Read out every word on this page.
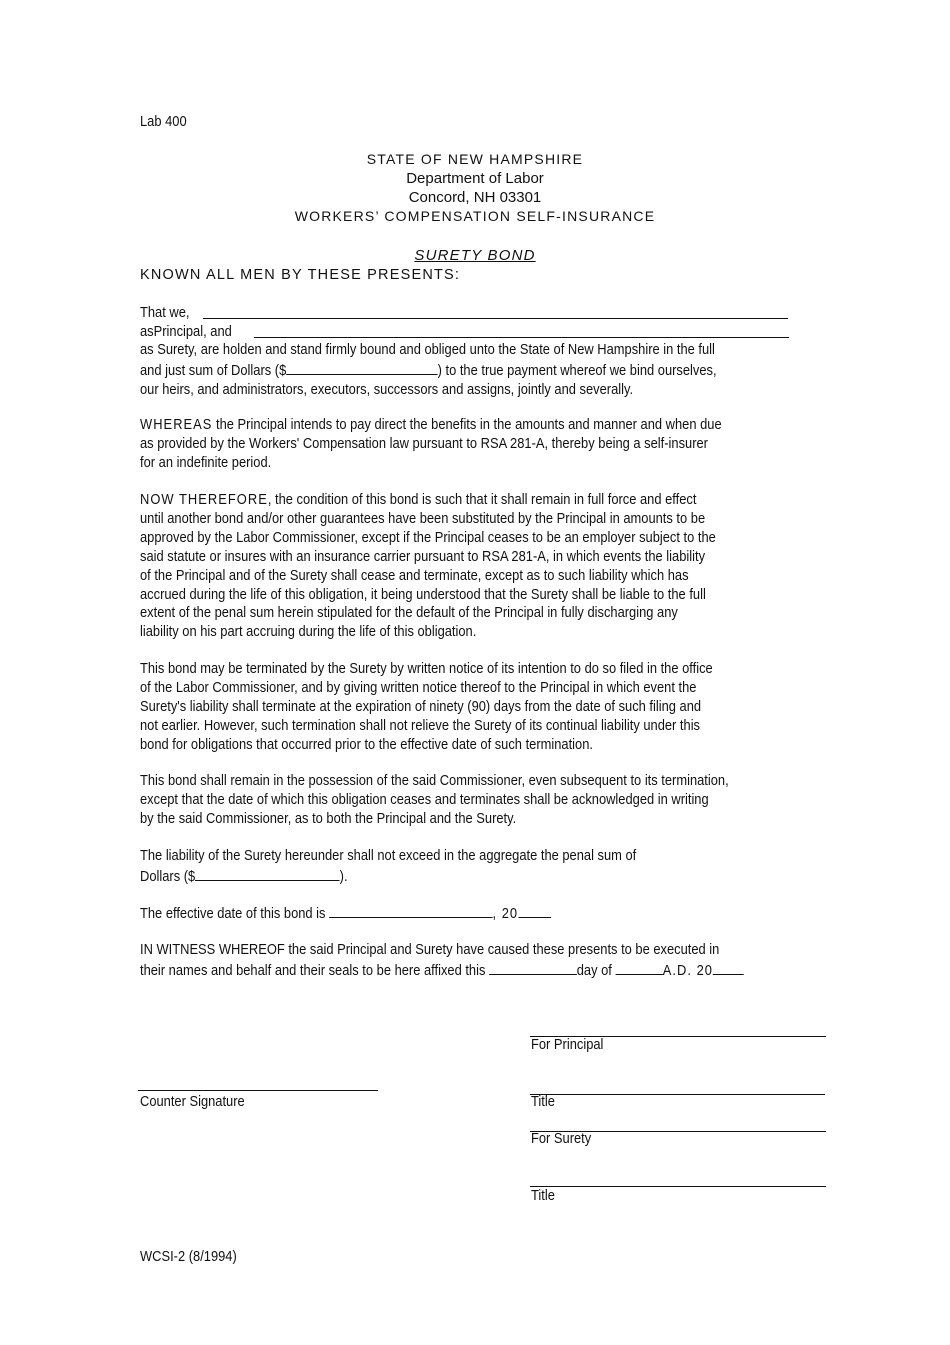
Lab 400
STATE OF NEW HAMPSHIRE
Department of Labor
Concord, NH 03301
WORKERS’ COMPENSATION SELF-INSURANCE
SURETY BOND
KNOWN ALL MEN BY THESE PRESENTS:
That we,
asPrincipal, and

as Surety, are holden and stand firmly bound and obliged unto the State of New Hampshire in the full

and just sum of Dollars ($	) to the true payment whereof we bind ourselves,

our heirs, and administrators, executors, successors and assigns, jointly and severally.

WHEREAS the Principal intends to pay direct the benefits in the amounts and manner and when due

as provided by the Workers' Compensation law pursuant to RSA 281-A, thereby being a self-insurer

for an indefinite period.

NOW THEREFORE, the condition of this bond is such that it shall remain in full force and effect

until another bond and/or other guarantees have been substituted by the Principal in amounts to be

approved by the Labor Commissioner, except if the Principal ceases to be an employer subject to the

said statute or insures with an insurance carrier pursuant to RSA 281-A, in which events the liability

of the Principal and of the Surety shall cease and terminate, except as to such liability which has

accrued during the life of this obligation, it being understood that the Surety shall be liable to the full

extent of the penal sum herein stipulated for the default of the Principal in fully discharging any

liability on his part accruing during the life of this obligation.

This bond may be terminated by the Surety by written notice of its intention to do so filed in the office

of the Labor Commissioner, and by giving written notice thereof to the Principal in which event the

Surety's liability shall terminate at the expiration of ninety (90) days from the date of such filing and

not earlier. However, such termination shall not relieve the Surety of its continual liability under this

bond for obligations that occurred prior to the effective date of such termination.

This bond shall remain in the possession of the said Commissioner, even subsequent to its termination,

except that the date of which this obligation ceases and terminates shall be acknowledged in writing

by the said Commissioner, as to both the Principal and the Surety.

The liability of the Surety hereunder shall not exceed in the aggregate the penal sum of

Dollars ($	).

The effective date of this bond is	, 20

IN WITNESS WHEREOF the said Principal and Surety have caused these presents to be executed in

their names and behalf and their seals to be here affixed this	day of	A.D. 20

For Principal
Counter Signature	Title
For Surety
Title
WCSI-2 (8/1994)
